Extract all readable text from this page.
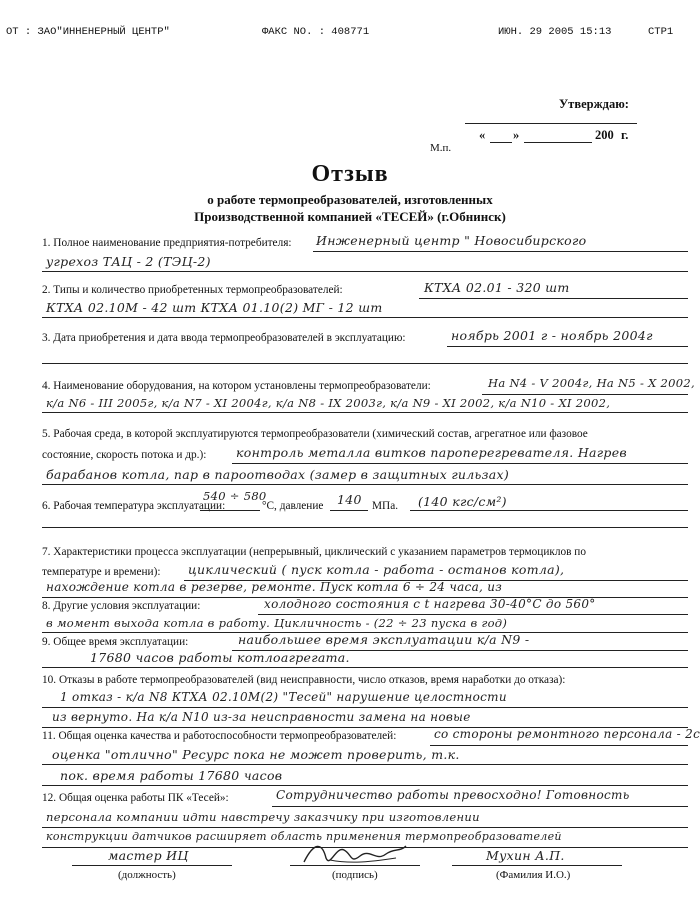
ОТ : ЗАО"ИННЕНЕРНЫЙ ЦЕНТР"	ФАКС NO. : 408771	ИЮН. 29 2005 15:13	СТР1
Утверждаю:
« »	200 г.
М.п.
Отзыв
о работе термопреобразователей, изготовленных
Производственной компанией «ТЕСЕЙ» (г.Обнинск)
1. Полное наименование предприятия-потребителя: Инженерный центр " Новосибирского
угрехоз ТАЦ - 2 (ТЭЦ-2)
2. Типы и количество приобретенных термопреобразователей:	КТХА 02.01 - 320 шт
КТХА 02.10М - 42 шт КТХА 01.10(2) МГ - 12 шт
3. Дата приобретения и дата ввода термопреобразователей в эксплуатацию:	ноябрь 2001 г - ноябрь 2004г
4. Наименование оборудования, на котором установлены термопреобразователи:	На N4 - V 2004г, На N5 - X 2002,
к/а N6 - III 2005г, к/а N7 - XI 2004г, к/а N8 - IX 2003г, к/а N9 - XI 2002, к/а N10 - XI 2002,
5. Рабочая среда, в которой эксплуатируются термопреобразователи (химический состав, агрегатное или фазовое
состояние, скорость потока и др.): контроль металла витков пароперегревателя. Нагрев
барабанов котла, пар в пароотводах (замер в защитных гильзах)
6. Рабочая температура эксплуатации:
540 ÷ 580
°С, давление 140 МПа. (140 кгс/см²)
7. Характеристики процесса эксплуатации (непрерывный, циклический с указанием параметров термоциклов по
температуре и времени): циклический ( пуск котла - работа - останов котла),
нахождение котла в резерве, ремонте. Пуск котла 6 ÷ 24 часа, из
8. Другие условия эксплуатации:	холодного состояния с t нагрева 30-40°С до 560°
в момент выхода котла в работу. Цикличность - (22 ÷ 23 пуска в год)
9. Общее время эксплуатации:	наибольшее время эксплуатации к/а N9 -
17680 часов работы котлоагрегата.
10. Отказы в работе термопреобразователей (вид неисправности, число отказов, время наработки до отказа):
1 отказ - к/а N8 КТХА 02.10М(2) "Тесей" нарушение целостности
из вернуто. На к/а N10 из-за неисправности замена на новые
11. Общая оценка качества и работоспособности термопреобразователей:	со стороны ремонтного персонала - 2с
оценка "отлично" Ресурс пока не может проверить, т.к.
пок. время работы 17680 часов
12. Общая оценка работы ПК «Тесей»:	Сотрудничество работы превосходно! Готовность
персонала компании идти навстречу заказчику при изготовлении
конструкции датчиков расширяет область применения термопреобразователей
мастер ИЦ	Мухин А.П.
(должность)	(подпись)	(Фамилия И.О.)
